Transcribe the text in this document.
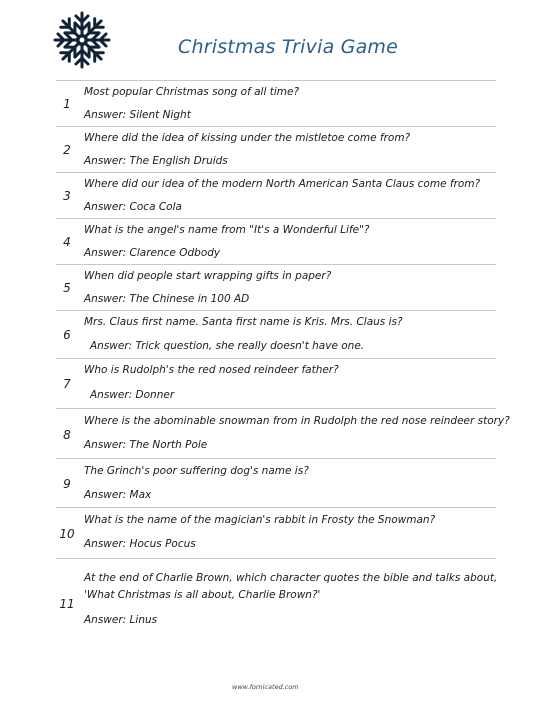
Christmas Trivia Game
1
Most popular Christmas song of all time?
Answer: Silent Night
2
Where did the idea of kissing under the mistletoe come from?
Answer: The English Druids
3
Where did our idea of the modern North American Santa Claus come from?
Answer: Coca Cola
4
What is the angel's name from "It's a Wonderful Life"?
Answer: Clarence Odbody
5
When did people start wrapping gifts in paper?
Answer: The Chinese in 100 AD
6
Mrs. Claus first name. Santa first name is Kris. Mrs. Claus is?
Answer: Trick question, she really doesn't have one.
7
Who is Rudolph's the red nosed reindeer father?
Answer: Donner
8
Where is the abominable snowman from in Rudolph the red nose reindeer story?
Answer: The North Pole
9
The Grinch's poor suffering dog's name is?
Answer: Max
10
What is the name of the magician's rabbit in Frosty the Snowman?
Answer: Hocus Pocus
11
At the end of Charlie Brown, which character quotes the bible and talks about, 'What Christmas is all about, Charlie Brown?'
Answer: Linus
www.fornicated.com
